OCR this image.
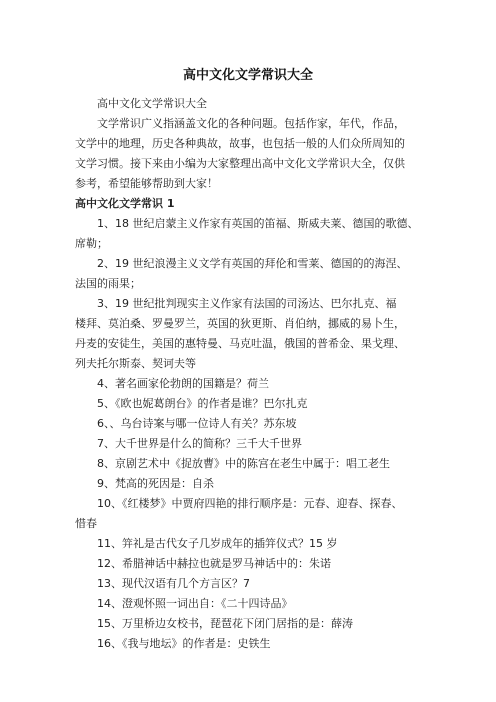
高中文化文学常识大全

高中文化文学常识大全

文学常识广义指涵盖文化的各种问题。包括作家，年代，作品，

文学中的地理，历史各种典故，故事，也包括一般的人们众所周知的

文学习惯。接下来由小编为大家整理出高中文化文学常识大全，仅供

参考，希望能够帮助到大家！

高中文化文学常识 1

1、18 世纪启蒙主义作家有英国的笛福、斯威夫莱、德国的歌德、

席勒；

2、19 世纪浪漫主义文学有英国的拜伦和雪莱、德国的的海涅、

法国的雨果；

3、19 世纪批判现实主义作家有法国的司汤达、巴尔扎克、福

楼拜、莫泊桑、罗曼罗兰，英国的狄更斯、肖伯纳，挪威的易卜生，

丹麦的安徒生，美国的惠特曼、马克吐温，俄国的普希金、果戈理、

列夫托尔斯泰、契诃夫等

4、著名画家伦勃朗的国籍是？荷兰

5、《欧也妮葛朗台》的作者是谁？巴尔扎克

6、、乌台诗案与哪一位诗人有关？苏东坡

7、大千世界是什么的简称？三千大千世界

8、京剧艺术中《捉放曹》中的陈宫在老生中属于：唱工老生

9、梵高的死因是：自杀

10、《红楼梦》中贾府四艳的排行顺序是：元春、迎春、探春、

惜春

11、笄礼是古代女子几岁成年的插笄仪式？15 岁

12、希腊神话中赫拉也就是罗马神话中的：朱诺

13、现代汉语有几个方言区？7

14、澄观怀照一词出自：《二十四诗品》

15、万里桥边女校书，琵琶花下闭门居指的是：薛涛

16、《我与地坛》的作者是：史铁生
